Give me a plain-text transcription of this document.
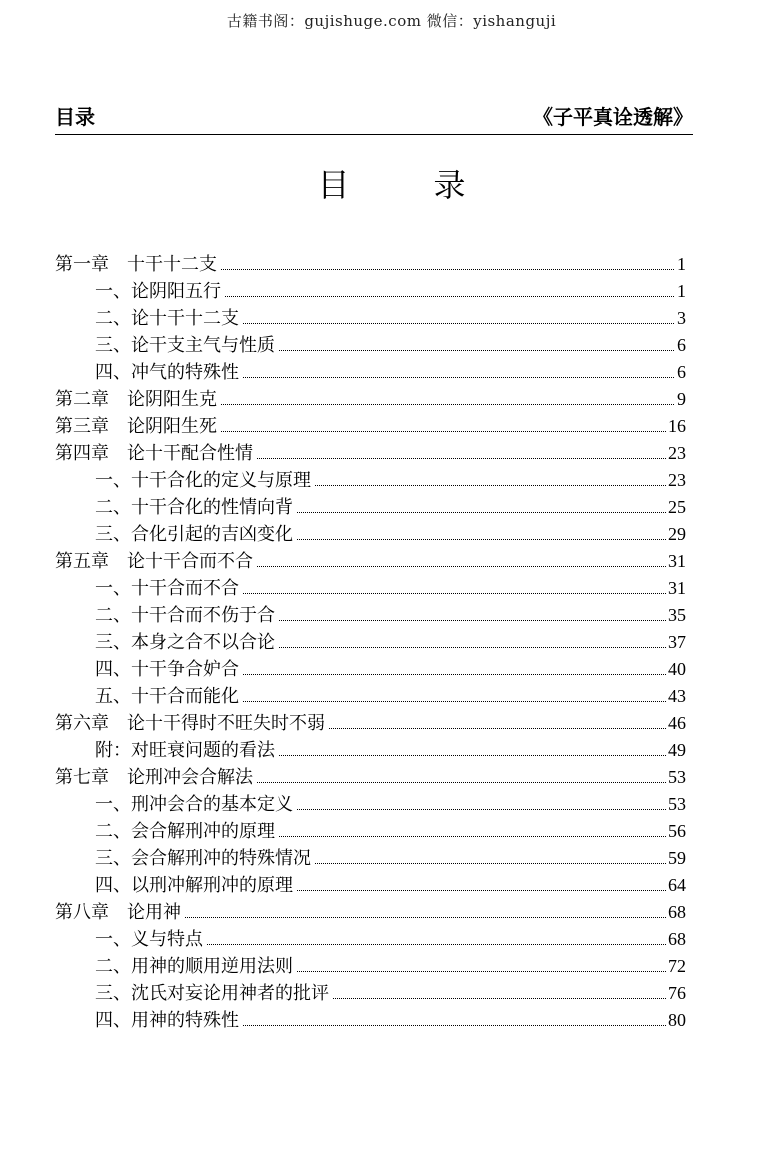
古籍书阁：gujishuge.com 微信：yishanguji
目录	《子平真诠透解》
目　录
第一章　十干十二支	1
一、论阴阳五行	1
二、论十干十二支	3
三、论干支主气与性质	6
四、冲气的特殊性	6
第二章　论阴阳生克	9
第三章　论阴阳生死	16
第四章　论十干配合性情	23
一、十干合化的定义与原理	23
二、十干合化的性情向背	25
三、合化引起的吉凶变化	29
第五章　论十干合而不合	31
一、十干合而不合	31
二、十干合而不伤于合	35
三、本身之合不以合论	37
四、十干争合妒合	40
五、十干合而能化	43
第六章　论十干得时不旺失时不弱	46
附：对旺衰问题的看法	49
第七章　论刑冲会合解法	53
一、刑冲会合的基本定义	53
二、会合解刑冲的原理	56
三、会合解刑冲的特殊情况	59
四、以刑冲解刑冲的原理	64
第八章　论用神	68
一、义与特点	68
二、用神的顺用逆用法则	72
三、沈氏对妄论用神者的批评	76
四、用神的特殊性	80
